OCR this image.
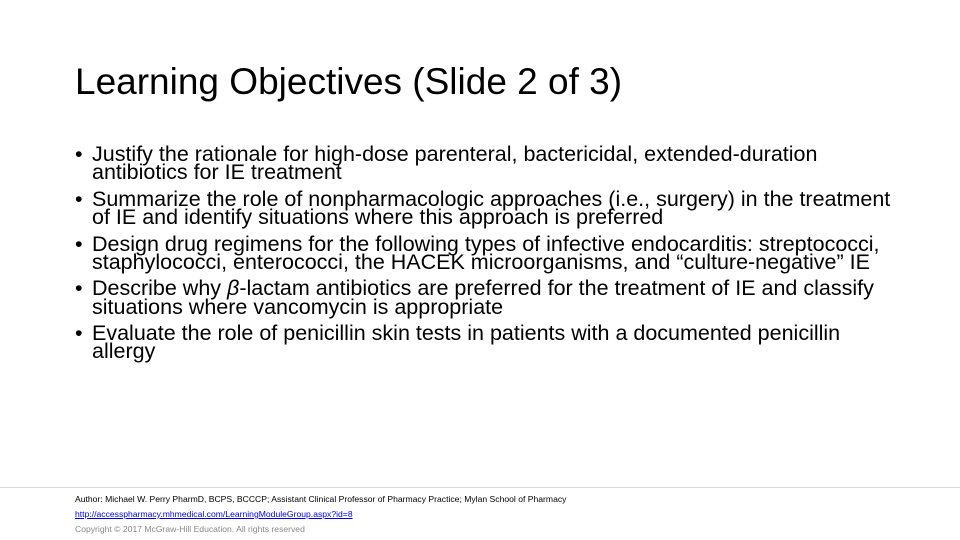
Learning Objectives (Slide 2 of 3)
• Justify the rationale for high-dose parenteral, bactericidal, extended-duration antibiotics for IE treatment
• Summarize the role of nonpharmacologic approaches (i.e., surgery) in the treatment of IE and identify situations where this approach is preferred
• Design drug regimens for the following types of infective endocarditis: streptococci, staphylococci, enterococci, the HACEK microorganisms, and “culture-negative” IE
• Describe why β-lactam antibiotics are preferred for the treatment of IE and classify situations where vancomycin is appropriate
• Evaluate the role of penicillin skin tests in patients with a documented penicillin allergy
Author: Michael W. Perry PharmD, BCPS, BCCCP; Assistant Clinical Professor of Pharmacy Practice; Mylan School of Pharmacy
http://accesspharmacy.mhmedical.com/LearningModuleGroup.aspx?id=8
Copyright © 2017 McGraw-Hill Education. All rights reserved
